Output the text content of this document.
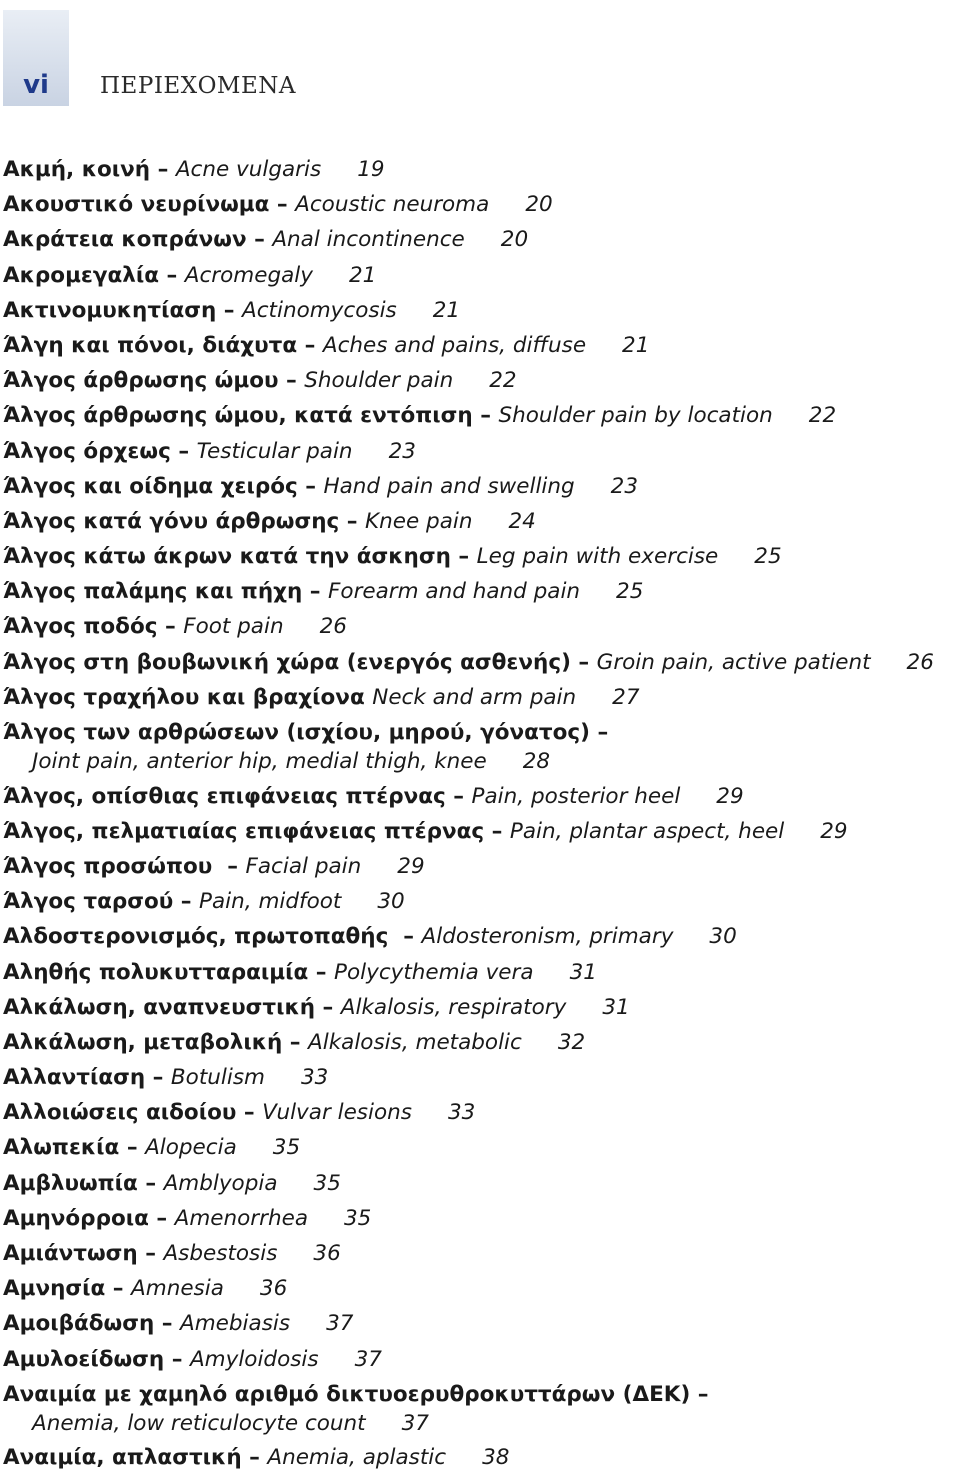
vi	ΠΕΡΙΕΧΟΜΕΝΑ
Ακμή, κοινή – Acne vulgaris 19
Ακουστικό νευρίνωμα – Acoustic neuroma 20
Ακράτεια κοπράνων – Anal incontinence 20
Ακρομεγαλία – Acromegaly 21
Ακτινομυκητίαση – Actinomycosis 21
Άλγη και πόνοι, διάχυτα – Aches and pains, diffuse 21
Άλγος άρθρωσης ώμου – Shoulder pain 22
Άλγος άρθρωσης ώμου, κατά εντόπιση – Shoulder pain by location 22
Άλγος όρχεως – Testicular pain 23
Άλγος και οίδημα χειρός – Hand pain and swelling 23
Άλγος κατά γόνυ άρθρωσης – Knee pain 24
Άλγος κάτω άκρων κατά την άσκηση – Leg pain with exercise 25
Άλγος παλάμης και πήχη – Forearm and hand pain 25
Άλγος ποδός – Foot pain 26
Άλγος στη βουβωνική χώρα (ενεργός ασθενής) – Groin pain, active patient 26
Άλγος τραχήλου και βραχίονα Neck and arm pain 27
Άλγος των αρθρώσεων (ισχίου, μηρού, γόνατος) –
Joint pain, anterior hip, medial thigh, knee 28
Άλγος, οπίσθιας επιφάνειας πτέρνας – Pain, posterior heel 29
Άλγος, πελματιαίας επιφάνειας πτέρνας – Pain, plantar aspect, heel 29
Άλγος προσώπου  – Facial pain 29
Άλγος ταρσού – Pain, midfoot 30
Αλδοστερονισμός, πρωτοπαθής  – Aldosteronism, primary 30
Αληθής πολυκυτταραιμία – Polycythemia vera 31
Αλκάλωση, αναπνευστική – Alkalosis, respiratory 31
Αλκάλωση, μεταβολική – Alkalosis, metabolic 32
Αλλαντίαση – Botulism 33
Αλλοιώσεις αιδοίου – Vulvar lesions 33
Αλωπεκία – Alopecia 35
Αμβλυωπία – Amblyopia 35
Αμηνόρροια – Amenorrhea 35
Αμιάντωση – Asbestosis 36
Αμνησία – Amnesia 36
Αμοιβάδωση – Amebiasis 37
Αμυλοείδωση – Amyloidosis 37
Αναιμία με χαμηλό αριθμό δικτυοερυθροκυττάρων (ΔΕΚ) –
Anemia, low reticulocyte count 37
Αναιμία, απλαστική – Anemia, aplastic 38
